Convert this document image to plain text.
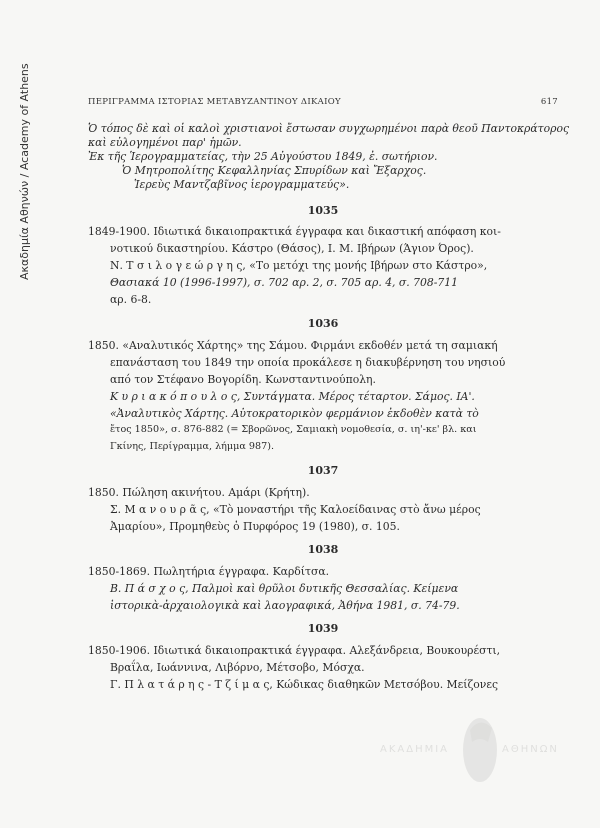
Ακαδημία Αθηνών / Academy of Athens	ΠΕΡΙΓΡΑΜΜΑ ΙΣΤΟΡΙΑΣ ΜΕΤΑΒΥΖΑΝΤΙΝΟΥ ΔΙΚΑΙΟΥ	617
Ὁ τόπος δὲ καὶ οἱ καλοὶ χριστιανοὶ ἔστωσαν συγχωρημένοι παρὰ θεοῦ Παντοκράτορος
καὶ εὐλογημένοι παρ' ἡμῶν.
Ἐκ τῆς Ἱερογραμματείας, τὴν 25 Αὐγούστου 1849, ἐ. σωτήριον.
Ὁ Μητροπολίτης Κεφαλληνίας Σπυρίδων καὶ Ἔξαρχος.
Ἱερεὺς Μαντζαβῖνος ἱερογραμματεύς».
1035
1849-1900. Ιδιωτικά δικαιοπρακτικά έγγραφα και δικαστική απόφαση κοι-
νοτικού δικαστηρίου. Κάστρο (Θάσος), Ι. Μ. Ιβήρων (Άγιον Όρος).
Ν. Τ σ ι λ ο γ ε ώ ρ γ η ς, «Το μετόχι της μονής Ιβήρων στο Κάστρο»,
Θασιακά 10 (1996-1997), σ. 702 αρ. 2, σ. 705 αρ. 4, σ. 708-711
αρ. 6-8.
1036
1850. «Αναλυτικός Χάρτης» της Σάμου. Φιρμάνι εκδοθέν μετά τη σαμιακή
επανάσταση του 1849 την οποία προκάλεσε η διακυβέρνηση του νησιού
από τον Στέφανο Βογορίδη. Κωνσταντινούπολη.
Κ υ ρ ι α κ ό π ο υ λ ο ς, Συντάγματα. Μέρος τέταρτον. Σάμος. ΙΑ'.
«Ἀναλυτικὸς Χάρτης. Αὐτοκρατορικὸν φερμάνιον ἐκδοθὲν κατὰ τὸ
ἔτος 1850», σ. 876-882 (= Σβορῶνος, Σαμιακὴ νομοθεσία, σ. ιη'-κε' βλ. και
Γκίνης, Περίγραμμα, λήμμα 987).
1037
1850. Πώληση ακινήτου. Αμάρι (Κρήτη).
Σ. Μ α ν ο υ ρ ᾶ ς, «Τὸ μοναστήρι τῆς Καλοείδαινας στὸ ἄνω μέρος
Ἀμαρίου», Προμηθεὺς ὁ Πυρφόρος 19 (1980), σ. 105.
1038
1850-1869. Πωλητήρια έγγραφα. Καρδίτσα.
Β. Π ά σ χ ο ς, Παλμοὶ καὶ θρῦλοι δυτικῆς Θεσσαλίας. Κείμενα
ἱστορικὰ-ἀρχαιολογικὰ καὶ λαογραφικά, Ἀθήνα 1981, σ. 74-79.
1039
1850-1906. Ιδιωτικά δικαιοπρακτικά έγγραφα. Αλεξάνδρεια, Βουκουρέστι,
Βραΐλα, Ιωάννινα, Λιβόρνο, Μέτσοβο, Μόσχα.
Γ. Π λ α τ ά ρ η ς - Τ ζ ί μ α ς, Κώδικας διαθηκῶν Μετσόβου. Μείζονες
ΑΚΑΔΗΜΙΑ	ΑΘΗΝΩΝ
